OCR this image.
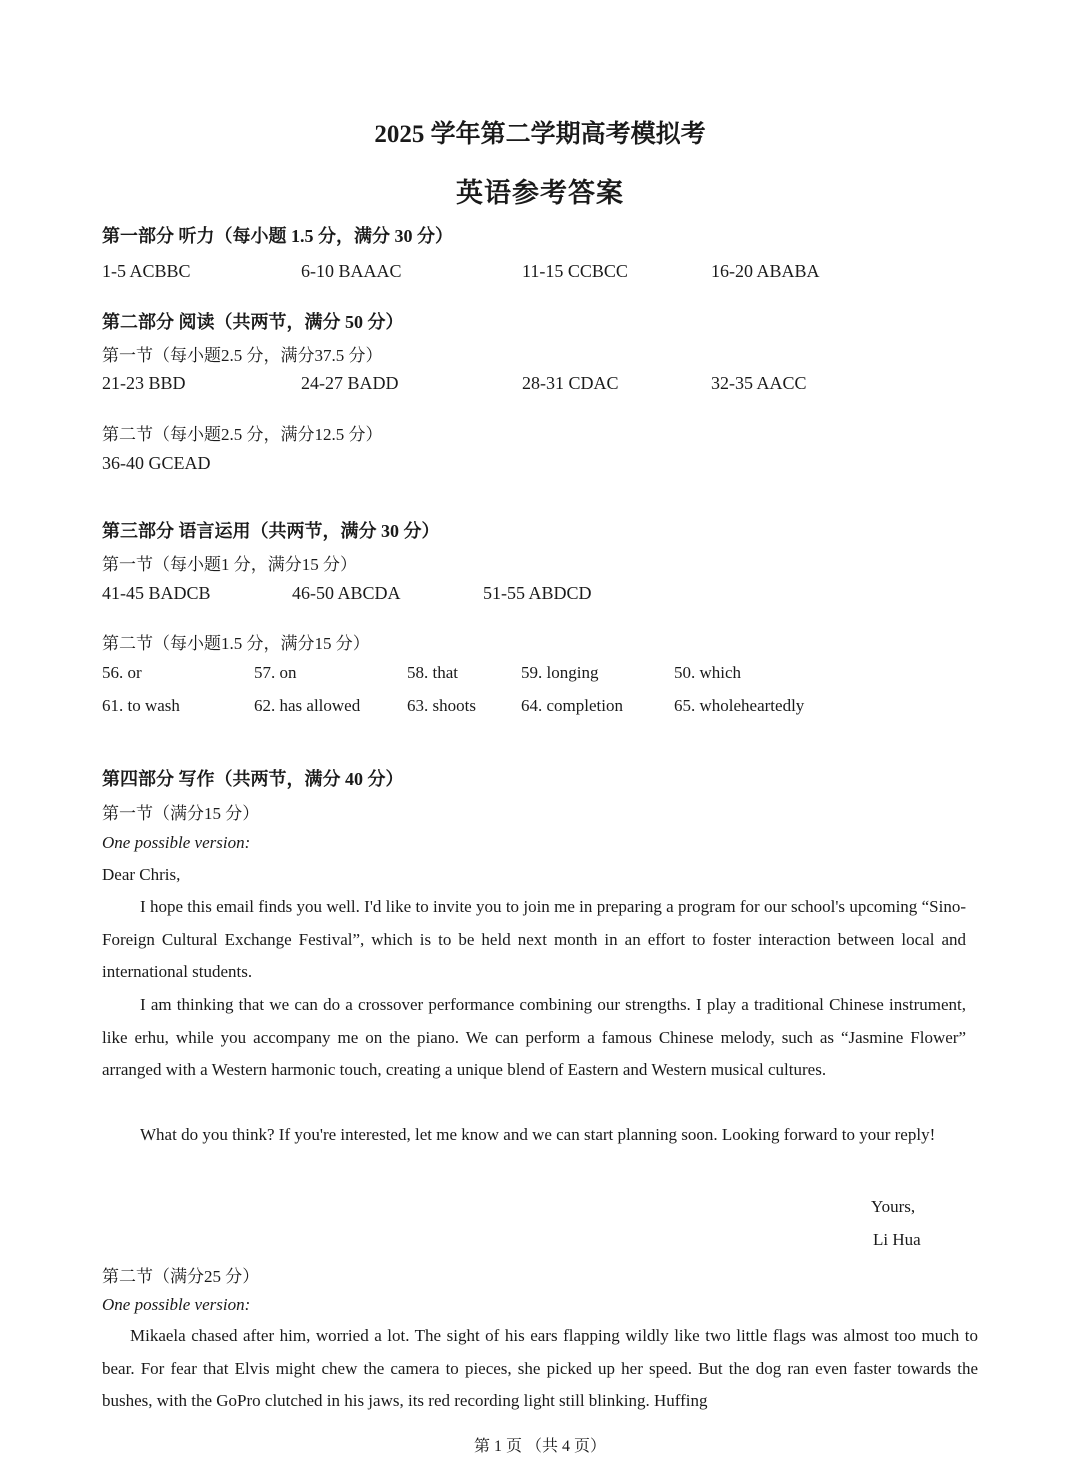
2025 学年第二学期高考模拟考
英语参考答案
第一部分 听力（每小题 1.5 分，满分 30 分）
1-5 ACBBC	6-10 BAAAC	11-15 CCBCC	16-20 ABABA
第二部分 阅读（共两节，满分 50 分）
第一节（每小题2.5 分，满分37.5 分）
21-23 BBD	24-27 BADD	28-31 CDAC	32-35 AACC
第二节（每小题2.5 分，满分12.5 分）
36-40 GCEAD
第三部分 语言运用（共两节，满分 30 分）
第一节（每小题1 分，满分15 分）
41-45 BADCB	46-50 ABCDA	51-55 ABDCD
第二节（每小题1.5 分，满分15 分）
56. or	57. on	58. that	59. longing	50. which
61. to wash	62. has allowed	63. shoots	64. completion	65. wholeheartedly
第四部分 写作（共两节，满分 40 分）
第一节（满分15 分）
One possible version:
Dear Chris,

I hope this email finds you well. I'd like to invite you to join me in preparing a program for our school's upcoming “Sino-Foreign Cultural Exchange Festival”, which is to be held next month in an effort to foster interaction between local and international students.

I am thinking that we can do a crossover performance combining our strengths. I play a traditional Chinese instrument, like erhu, while you accompany me on the piano. We can perform a famous Chinese melody, such as “Jasmine Flower” arranged with a Western harmonic touch, creating a unique blend of Eastern and Western musical cultures.

What do you think? If you're interested, let me know and we can start planning soon. Looking forward to your reply!

Yours,
Li Hua
第二节（满分25 分）
One possible version:

Mikaela chased after him, worried a lot. The sight of his ears flapping wildly like two little flags was almost too much to bear. For fear that Elvis might chew the camera to pieces, she picked up her speed. But the dog ran even faster towards the bushes, with the GoPro clutched in his jaws, its red recording light still blinking. Huffing

第 1 页 （共 4 页）
